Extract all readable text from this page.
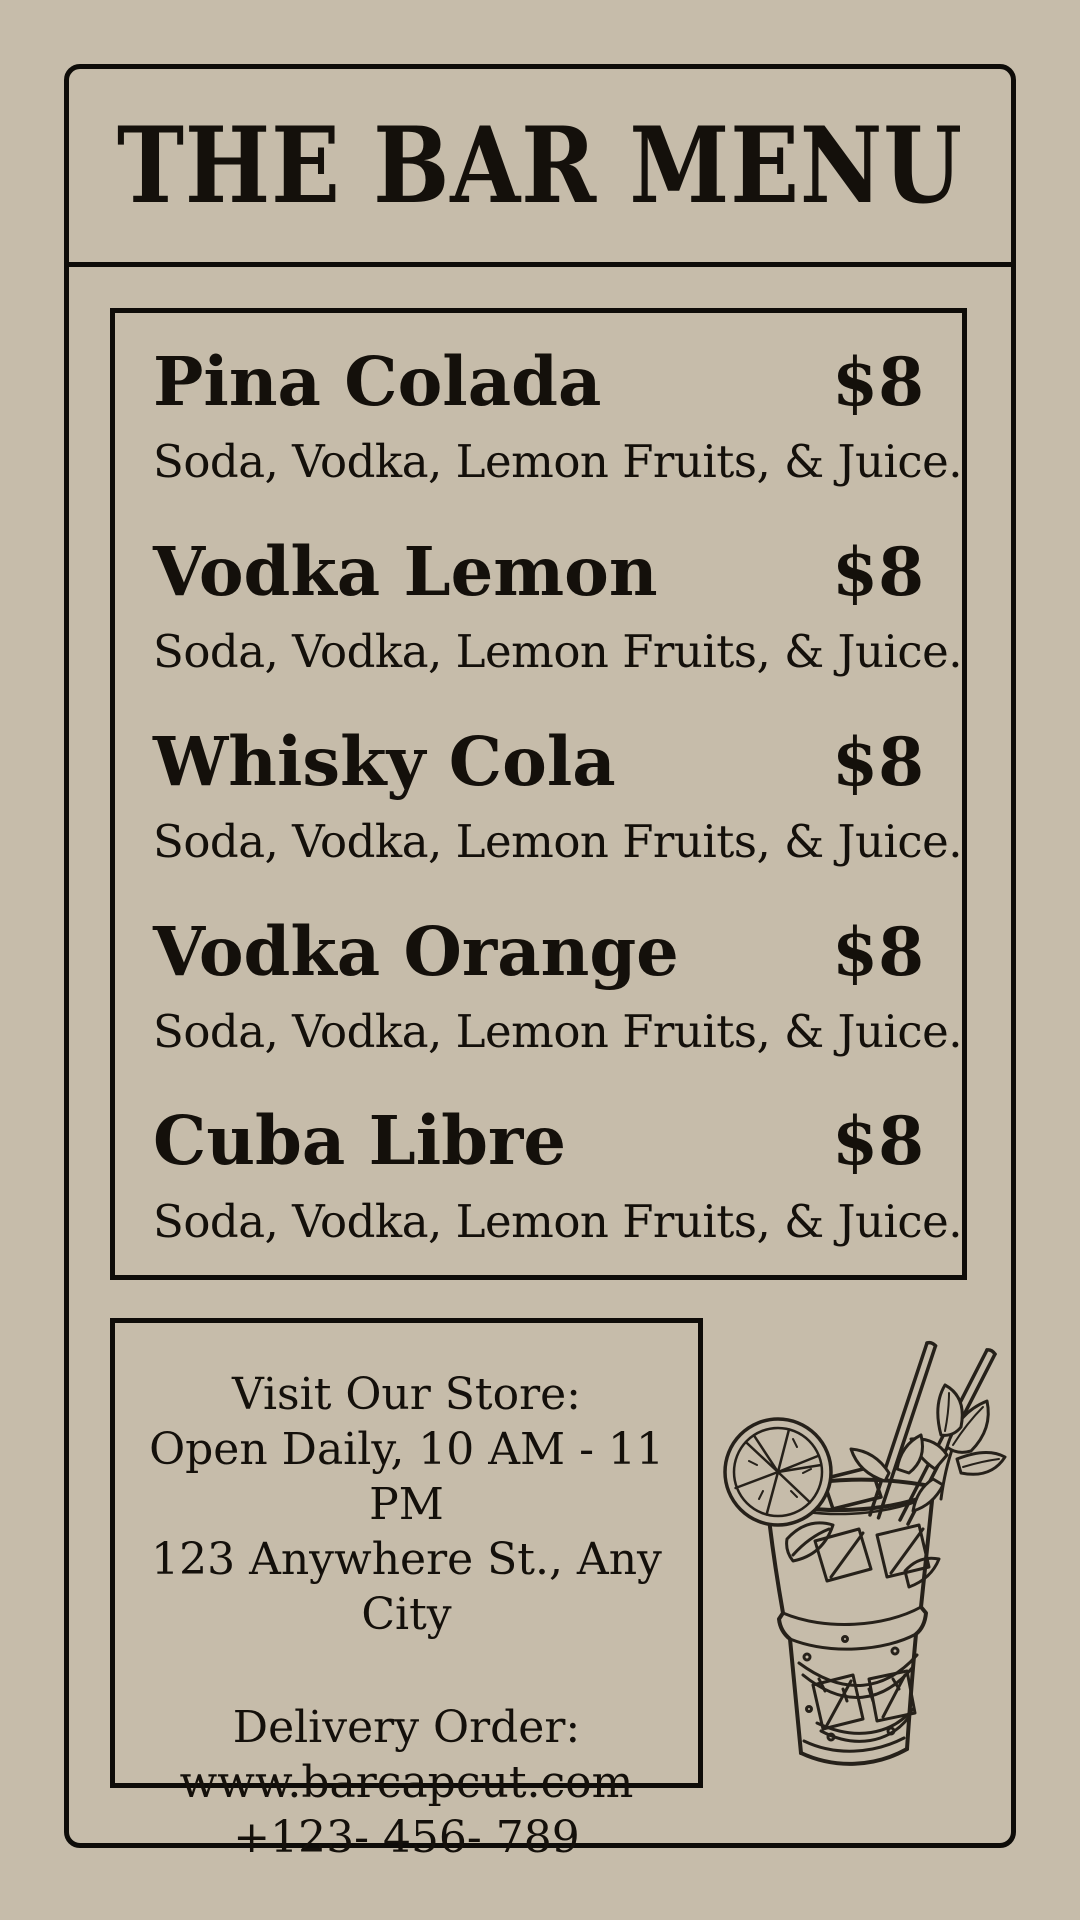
THE BAR MENU
Pina Colada	$8
Soda, Vodka, Lemon Fruits, & Juice.
Vodka Lemon	$8
Soda, Vodka, Lemon Fruits, & Juice.
Whisky Cola	$8
Soda, Vodka, Lemon Fruits, & Juice.
Vodka Orange $8
Soda, Vodka, Lemon Fruits, & Juice.
Cuba Libre	$8
Soda, Vodka, Lemon Fruits, & Juice.
Visit Our Store:
Open Daily, 10 AM - 11 PM
123 Anywhere St., Any City
Delivery Order:
www.barcapcut.com
+123- 456- 789
